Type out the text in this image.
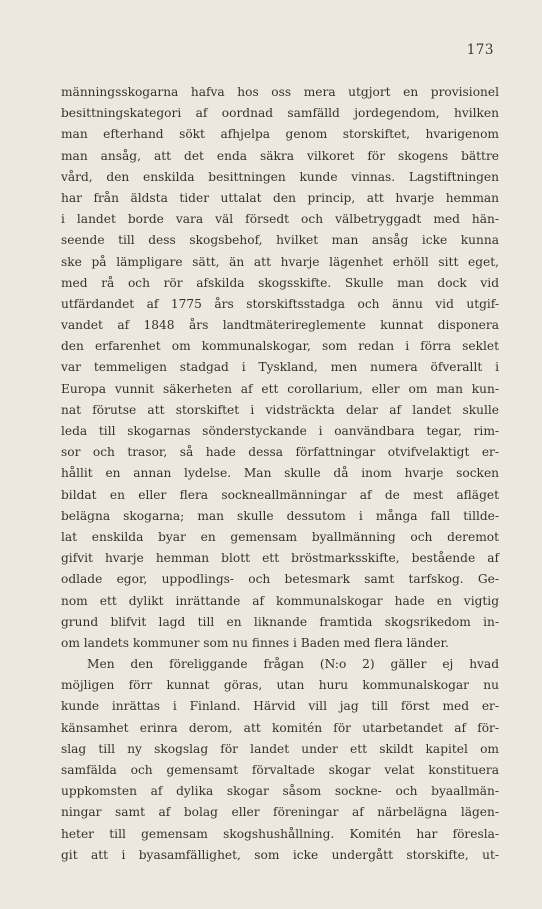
173
männingsskogarna hafva hos oss mera utgjort en provisionel
besittningskategori af oordnad samfälld jordegendom, hvilken
man efterhand sökt afhjelpa genom storskiftet, hvarigenom
man ansåg, att det enda säkra vilkoret för skogens bättre
vård, den enskilda besittningen kunde vinnas. Lagstiftningen
har från äldsta tider uttalat den princip, att hvarje hemman
i landet borde vara väl försedt och välbetryggadt med hän-
seende till dess skogsbehof, hvilket man ansåg icke kunna
ske på lämpligare sätt, än att hvarje lägenhet erhöll sitt eget,
med rå och rör afskilda skogsskifte. Skulle man dock vid
utfärdandet af 1775 års storskiftsstadga och ännu vid utgif-
vandet af 1848 års landtmäterireglemente kunnat disponera
den erfarenhet om kommunalskogar, som redan i förra seklet
var temmeligen stadgad i Tyskland, men numera öfverallt i
Europa vunnit säkerheten af ett corollarium, eller om man kun-
nat förutse att storskiftet i vidsträckta delar af landet skulle
leda till skogarnas sönderstyckande i oanvändbara tegar, rim-
sor och trasor, så hade dessa författningar otvifvelaktigt er-
hållit en annan lydelse. Man skulle då inom hvarje socken
bildat en eller flera sockneallmänningar af de mest afläget
belägna skogarna; man skulle dessutom i många fall tillde-
lat enskilda byar en gemensam byallmänning och deremot
gifvit hvarje hemman blott ett bröstmarksskifte, bestående af
odlade egor, uppodlings- och betesmark samt tarfskog. Ge-
nom ett dylikt inrättande af kommunalskogar hade en vigtig
grund blifvit lagd till en liknande framtida skogsrikedom in-
om landets kommuner som nu finnes i Baden med flera länder.
Men den föreliggande frågan (N:o 2) gäller ej hvad
möjligen förr kunnat göras, utan huru kommunalskogar nu
kunde inrättas i Finland. Härvid vill jag till först med er-
känsamhet erinra derom, att komitén för utarbetandet af för-
slag till ny skogslag för landet under ett skildt kapitel om
samfälda och gemensamt förvaltade skogar velat konstituera
uppkomsten af dylika skogar såsom sockne- och byaallmän-
ningar samt af bolag eller föreningar af närbelägna lägen-
heter till gemensam skogshushållning. Komitén har föresla-
git att i byasamfällighet, som icke undergått storskifte, ut-
